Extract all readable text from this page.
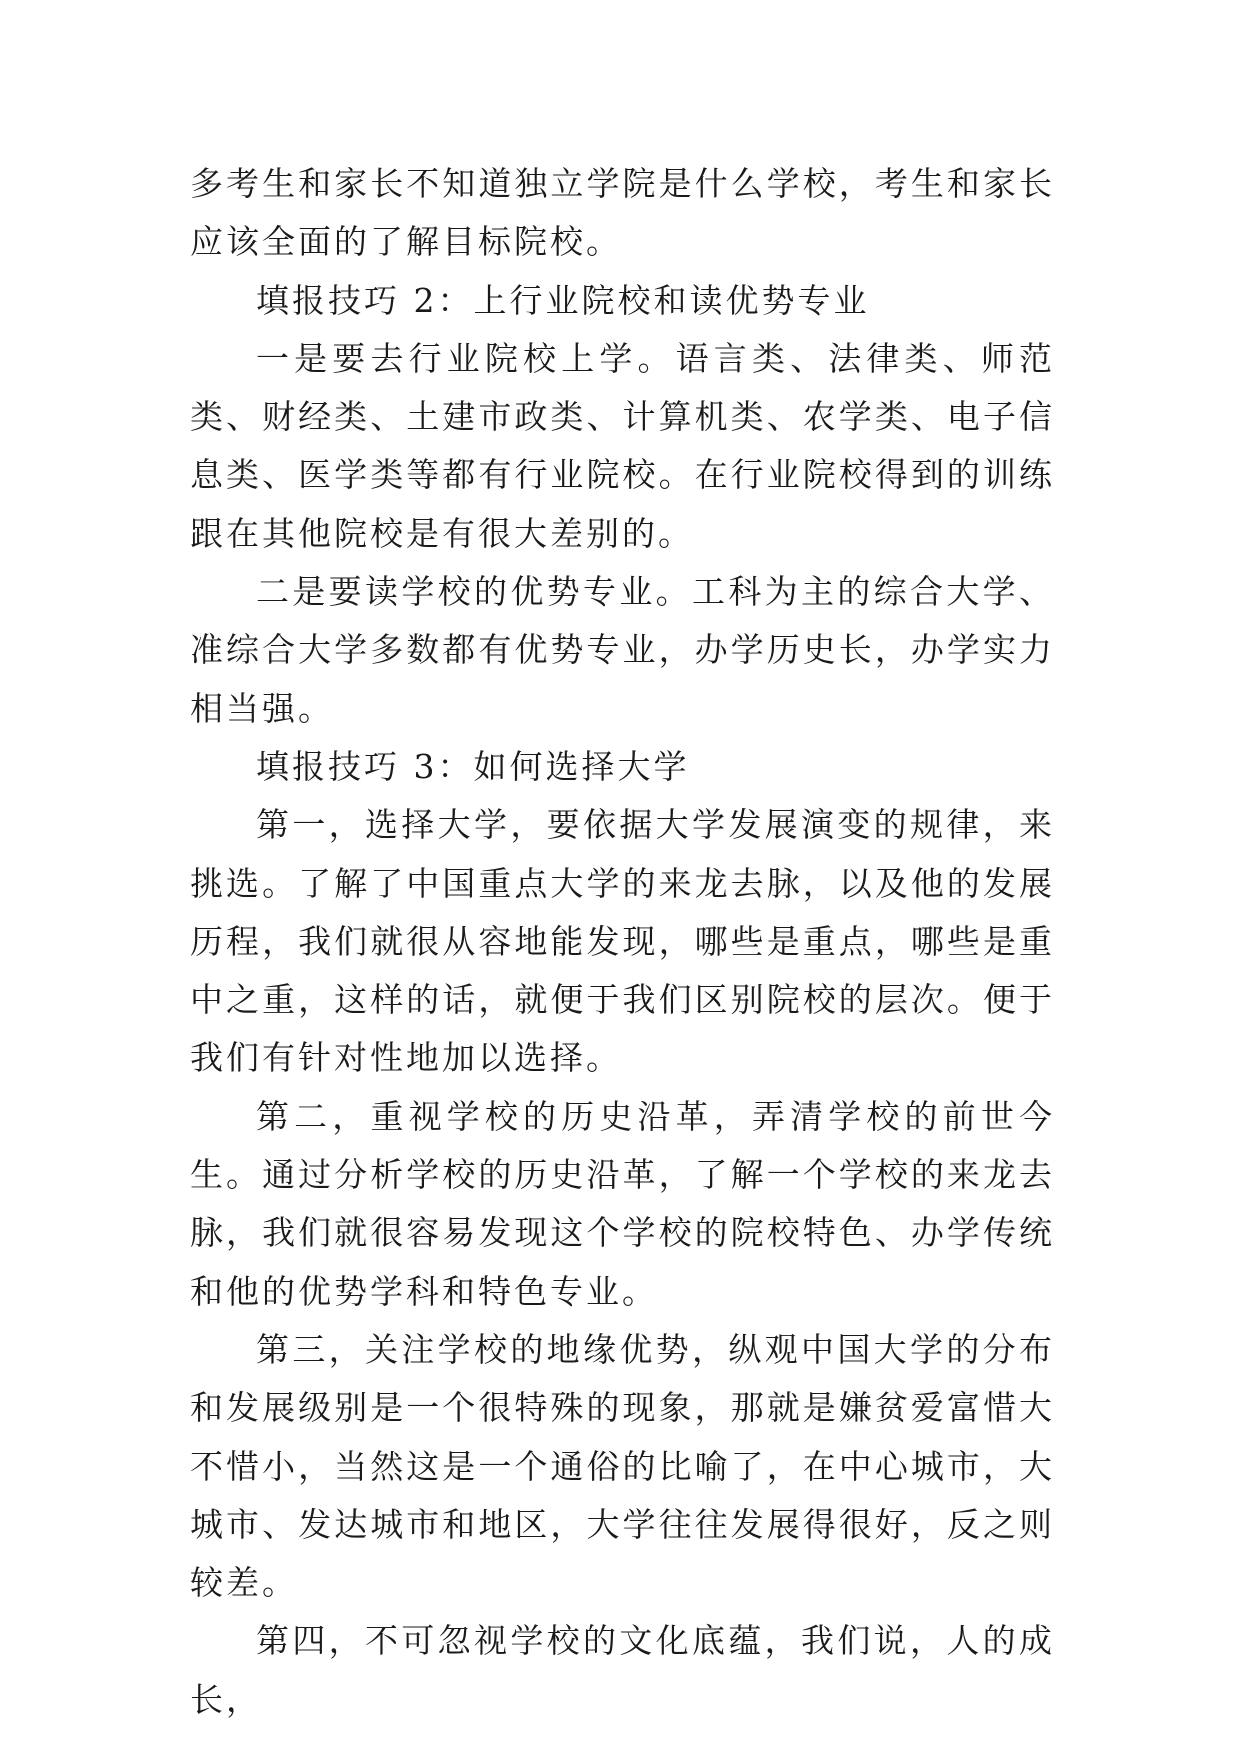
多考生和家长不知道独立学院是什么学校，考生和家长应该全面的了解目标院校。

填报技巧 2：上行业院校和读优势专业

一是要去行业院校上学。语言类、法律类、师范类、财经类、土建市政类、计算机类、农学类、电子信息类、医学类等都有行业院校。在行业院校得到的训练跟在其他院校是有很大差别的。

二是要读学校的优势专业。工科为主的综合大学、准综合大学多数都有优势专业，办学历史长，办学实力相当强。

填报技巧 3：如何选择大学

第一，选择大学，要依据大学发展演变的规律，来挑选。了解了中国重点大学的来龙去脉，以及他的发展历程，我们就很从容地能发现，哪些是重点，哪些是重中之重，这样的话，就便于我们区别院校的层次。便于我们有针对性地加以选择。

第二，重视学校的历史沿革，弄清学校的前世今生。通过分析学校的历史沿革，了解一个学校的来龙去脉，我们就很容易发现这个学校的院校特色、办学传统和他的优势学科和特色专业。

第三，关注学校的地缘优势，纵观中国大学的分布和发展级别是一个很特殊的现象，那就是嫌贫爱富惜大不惜小，当然这是一个通俗的比喻了，在中心城市，大城市、发达城市和地区，大学往往发展得很好，反之则较差。

第四，不可忽视学校的文化底蕴，我们说，人的成长，
